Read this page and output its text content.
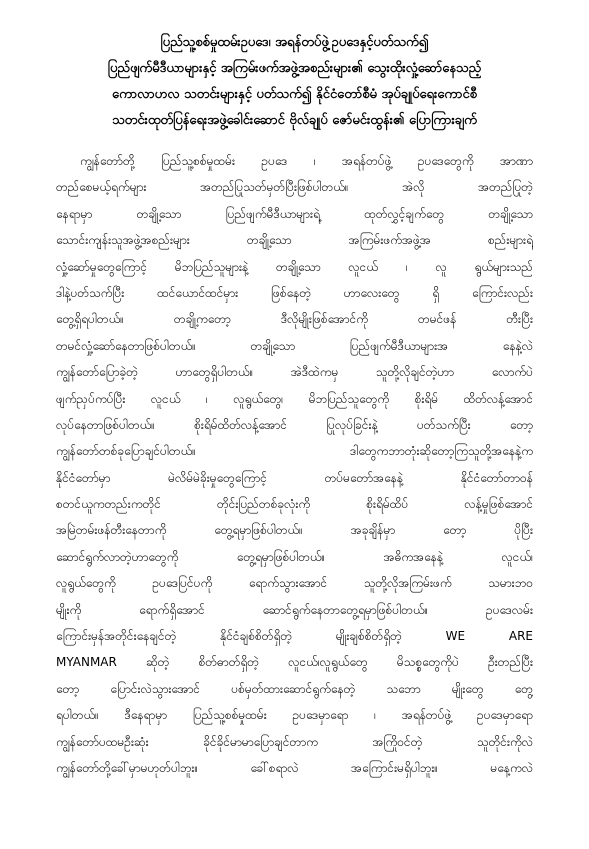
ပြည်သူ့စစ်မှုထမ်းဥပဒေ၊ အရန်တပ်ဖွဲ့ဥပဒေနှင့်ပတ်သက်၍
ပြည်ဖျက်မီဒီယာများနှင့် အကြမ်းဖက်အဖွဲ့အစည်းများ၏ သွေးထိုးလှုံ့ဆော်နေသည့်
ကောလာဟလ သတင်းများနှင့် ပတ်သက်၍ နိုင်ငံတော်စီမံ အုပ်ချုပ်ရေးကောင်စီ
သတင်းထုတ်ပြန်ရေးအဖွဲ့ခေါင်းဆောင် ဗိုလ်ချုပ် ဇော်မင်းထွန်း၏ ပြောကြားချက်
ကျွန်တော်တို့ ပြည်သူ့စစ်မှုထမ်း ဥပဒေ ၊ အရန်တပ်ဖွဲ့ ဥပဒေတွေကို အာဏာ
တည်စေမယ့်ရက်များ အတည်ပြုသတ်မှတ်ပြီးဖြစ်ပါတယ်။ အဲလို အတည်ပြုတဲ့
နေရာမှာ တချို့သော ပြည်ဖျက်မီဒီယာများရဲ့ ထုတ်လွှင့်ချက်တွေ တချို့သော
သောင်းကျန်းသူအဖွဲ့အစည်းများ တချို့သော အကြမ်းဖက်အဖွဲ့အ စည်းများရဲ့
လှုံ့ဆော်မှုတွေကြောင့် မိဘပြည်သူများနဲ့ တချို့သော လူငယ် ၊ လူ ရွယ်များသည်
ဒါနဲ့ပတ်သက်ပြီး ထင်ယောင်ထင်မှား ဖြစ်နေတဲ့ ဟာလေးတွေ ရှိ ကြောင်းလည်း
တွေ့ရှိရပါတယ်။ တချို့ကတော့ ဒီလိုမျိုးဖြစ်အောင်ကို တမင်ဖန် တီးပြီး
တမင်လှုံ့ဆော်နေတာဖြစ်ပါတယ်။ တချို့သော ပြည်ဖျက်မီဒီယာများအ နေနဲ့လဲ
ကျွန်တော်ပြောခဲ့တဲ့ ဟာတွေရှိပါတယ်။ အဲဒီထဲကမှ သူတို့လိုချင်တဲ့ဟာ လောက်ပဲ
ဖျက်ညှပ်ကပ်ပြီး လူငယ် ၊ လူရွယ်တွေ၊ မိဘပြည်သူတွေကို စိုးရိမ် ထိတ်လန့်အောင်
လုပ်နေတာဖြစ်ပါတယ်။ စိုးရိမ်ထိတ်လန့်အောင် ပြုလုပ်ခြင်းနဲ့ ပတ်သက်ပြီး တော့
ကျွန်တော်တစ်ခုပြောချင်ပါတယ်။ ဒါတွေကဘာတုံးဆိုတော့ကြသူတို့အနေနဲ့က
နိုင်ငံတော်မှာ မဲလိမ်မဲခိုးမှုတွေကြောင့် တပ်မတော်အနေနဲ့ နိုင်ငံတော်တာဝန်
စတင်ယူကတည်းကတိုင် တိုင်းပြည်တစ်ခုလုံးကို စိုးရိမ်ထိပ် လန့်မှုဖြစ်အောင်
အမြဲတမ်းဖန်တီးနေတာကို တွေ့ရမှာဖြစ်ပါတယ်။ အခုချိန်မှာ တော့ ပိုပြီး
ဆောင်ရွက်လာတဲ့ဟာတွေကို တွေ့ရမှာဖြစ်ပါတယ်။ အဓိကအနေနဲ့ လူငယ်၊
လူရွယ်တွေကို ဥပဒေပြင်ပကို ရောက်သွားအောင် သူတို့လိုအကြမ်းဖက် သမားဘဝ
မျိုးကို ရောက်ရှိအောင် ဆောင်ရွက်နေတာတွေ့ရမှာဖြစ်ပါတယ်။ ဥပဒေလမ်း
ကြောင်းမှန်အတိုင်းနေချင်တဲ့ နိုင်ငံချစ်စိတ်ရှိတဲ့ မျိုးချစ်စိတ်ရှိတဲ့ WE ARE
MYANMAR ဆိုတဲ့ စိတ်ဓာတ်ရှိတဲ့ လူငယ်၊လူရွယ်တွေ မိသစ္စတွေကိုပဲ ဦးတည်ပြီး
တော့ ပြောင်းလဲသွားအောင် ပစ်မှတ်ထားဆောင်ရွက်နေတဲ့ သဘော မျိုးတွေ တွေ့
ရပါတယ်။ ဒီနေရာမှာ ပြည်သူ့စစ်မှုထမ်း ဥပဒေမှာရော ၊ အရန်တပ်ဖွဲ့ ဥပဒေမှာရော
ကျွန်တော်ပထမဦးဆုံး ခိုင်ခိုင်မာမာပြောချင်တာက အကြိုဝင်တဲ့ သူတိုင်းကိုလဲ
ကျွန်တော်တို့ခေါ်မှာမဟုတ်ပါဘူး။ ခေါ်စရာလဲ အကြောင်းမရှိပါဘူး။ မနေ့ကလဲ
